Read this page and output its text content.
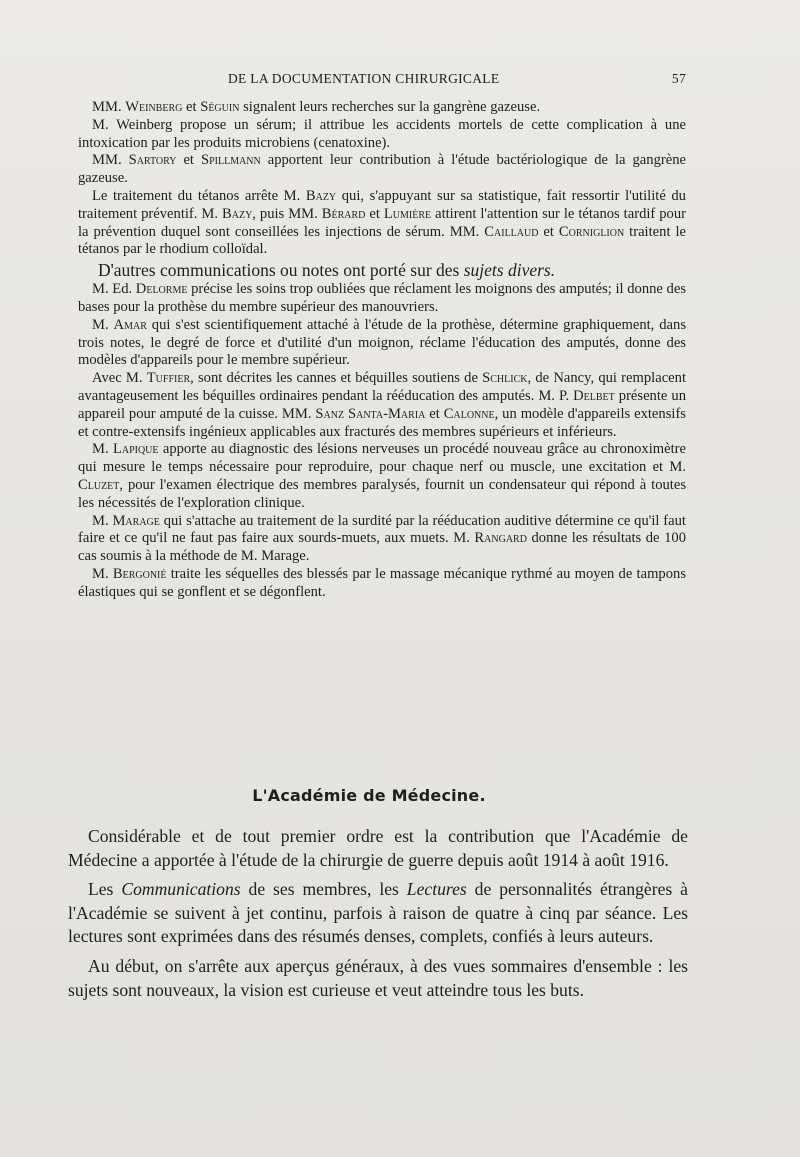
DE LA DOCUMENTATION CHIRURGICALE	57

MM. Weinberg et Séguin signalent leurs recherches sur la gangrène gazeuse.

M. Weinberg propose un sérum; il attribue les accidents mortels de cette complication à une intoxication par les produits microbiens (cenatoxine).

MM. Sartory et Spillmann apportent leur contribution à l'étude bactériologique de la gangrène gazeuse.

Le traitement du tétanos arrête M. Bazy qui, s'appuyant sur sa statistique, fait ressortir l'utilité du traitement préventif. M. Bazy, puis MM. Bérard et Lumière attirent l'attention sur le tétanos tardif pour la prévention duquel sont conseillées les injections de sérum. MM. Caillaud et Corniglion traitent le tétanos par le rhodium colloïdal.

D'autres communications ou notes ont porté sur des sujets divers.

M. Ed. Delorme précise les soins trop oubliées que réclament les moignons des amputés; il donne des bases pour la prothèse du membre supérieur des manouvriers.

M. Amar qui s'est scientifiquement attaché à l'étude de la prothèse, détermine graphiquement, dans trois notes, le degré de force et d'utilité d'un moignon, réclame l'éducation des amputés, donne des modèles d'appareils pour le membre supérieur.

Avec M. Tuffier, sont décrites les cannes et béquilles soutiens de Schlick, de Nancy, qui remplacent avantageusement les béquilles ordinaires pendant la rééducation des amputés. M. P. Delbet présente un appareil pour amputé de la cuisse. MM. Sanz Santa-Maria et Calonne, un modèle d'appareils extensifs et contre-extensifs ingénieux applicables aux fracturés des membres supérieurs et inférieurs.

M. Lapique apporte au diagnostic des lésions nerveuses un procédé nouveau grâce au chronoximètre qui mesure le temps nécessaire pour reproduire, pour chaque nerf ou muscle, une excitation et M. Cluzet, pour l'examen électrique des membres paralysés, fournit un condensateur qui répond à toutes les nécessités de l'exploration clinique.

M. Marage qui s'attache au traitement de la surdité par la rééducation auditive détermine ce qu'il faut faire et ce qu'il ne faut pas faire aux sourds-muets, aux muets. M. Rangard donne les résultats de 100 cas soumis à la méthode de M. Marage.

M. Bergonié traite les séquelles des blessés par le massage mécanique rythmé au moyen de tampons élastiques qui se gonflent et se dégonflent.

L'Académie de Médecine.

Considérable et de tout premier ordre est la contribution que l'Académie de Médecine a apportée à l'étude de la chirurgie de guerre depuis août 1914 à août 1916.

Les Communications de ses membres, les Lectures de personnalités étrangères à l'Académie se suivent à jet continu, parfois à raison de quatre à cinq par séance. Les lectures sont exprimées dans des résumés denses, complets, confiés à leurs auteurs.

Au début, on s'arrête aux aperçus généraux, à des vues sommaires d'ensemble : les sujets sont nouveaux, la vision est curieuse et veut atteindre tous les buts.
